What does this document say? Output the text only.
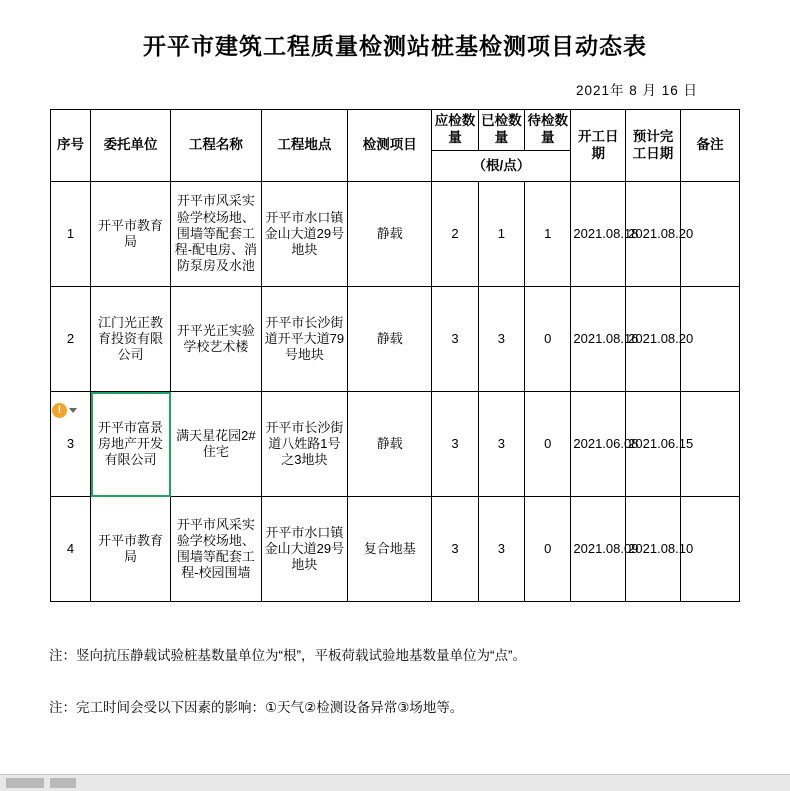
开平市建筑工程质量检测站桩基检测项目动态表
2021年 8 月 16 日
序号	委托单位	工程名称	工程地点	检测项目	应检数量	已检数量	待检数量	开工日期	预计完工日期	备注
					（根/点）					
1	开平市教育局	开平市风采实验学校场地、围墙等配套工程-配电房、消防泵房及水池	开平市水口镇金山大道29号地块	静载	2	1	1	2021.08.18	2021.08.20	
2	江门光正教育投资有限公司	开平光正实验学校艺术楼	开平市长沙街道开平大道79号地块	静载	3	3	0	2021.08.16	2021.08.20	
3	开平市富景房地产开发有限公司	满天星花园2#住宅	开平市长沙街道八姓路1号之3地块	静载	3	3	0	2021.06.08	2021.06.15	
4	开平市教育局	开平市风采实验学校场地、围墙等配套工程-校园围墙	开平市水口镇金山大道29号地块	复合地基	3	3	0	2021.08.09	2021.08.10	
!
注：竖向抗压静载试验桩基数量单位为“根”，平板荷载试验地基数量单位为“点”。
注：完工时间会受以下因素的影响：①天气②检测设备异常③场地等。
